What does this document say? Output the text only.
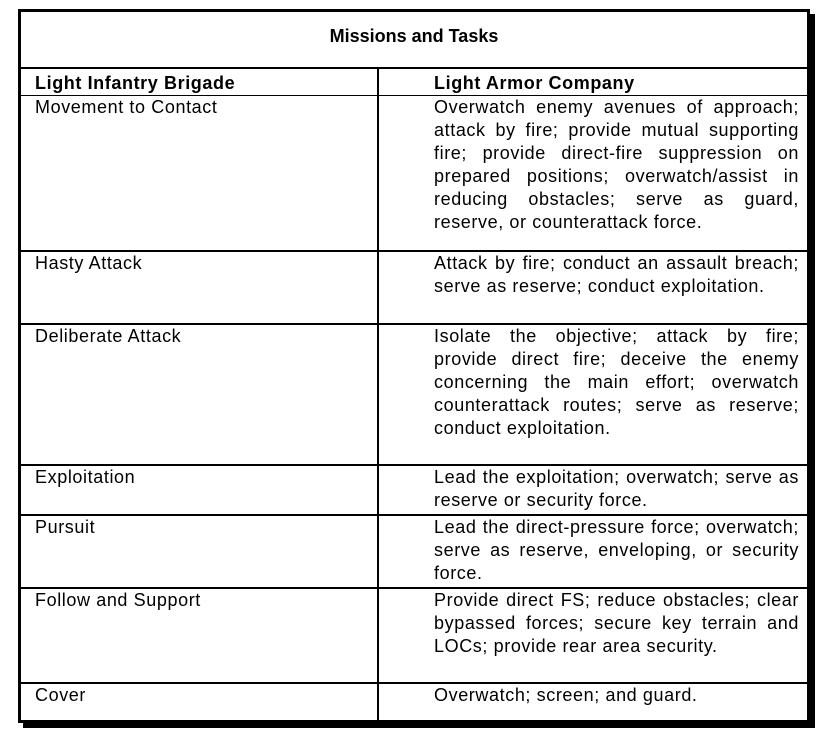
Missions and Tasks
Light Infantry Brigade	Light Armor Company

Movement to Contact	Overwatch enemy avenues of approach; attack by fire; provide mutual supporting fire; provide direct-fire suppression on prepared positions; overwatch/assist in reducing obstacles; serve as guard, reserve, or counterattack force.

Hasty Attack	Attack by fire; conduct an assault breach; serve as reserve; conduct exploitation.

Deliberate Attack	Isolate the objective; attack by fire; provide direct fire; deceive the enemy concerning the main effort; overwatch counterattack routes; serve as reserve; conduct exploitation.

Exploitation	Lead the exploitation; overwatch; serve as reserve or security force.

Pursuit	Lead the direct-pressure force; overwatch; serve as reserve, enveloping, or security force.

Follow and Support	Provide direct FS; reduce obstacles; clear bypassed forces; secure key terrain and LOCs; provide rear area security.

Cover	Overwatch; screen; and guard.
